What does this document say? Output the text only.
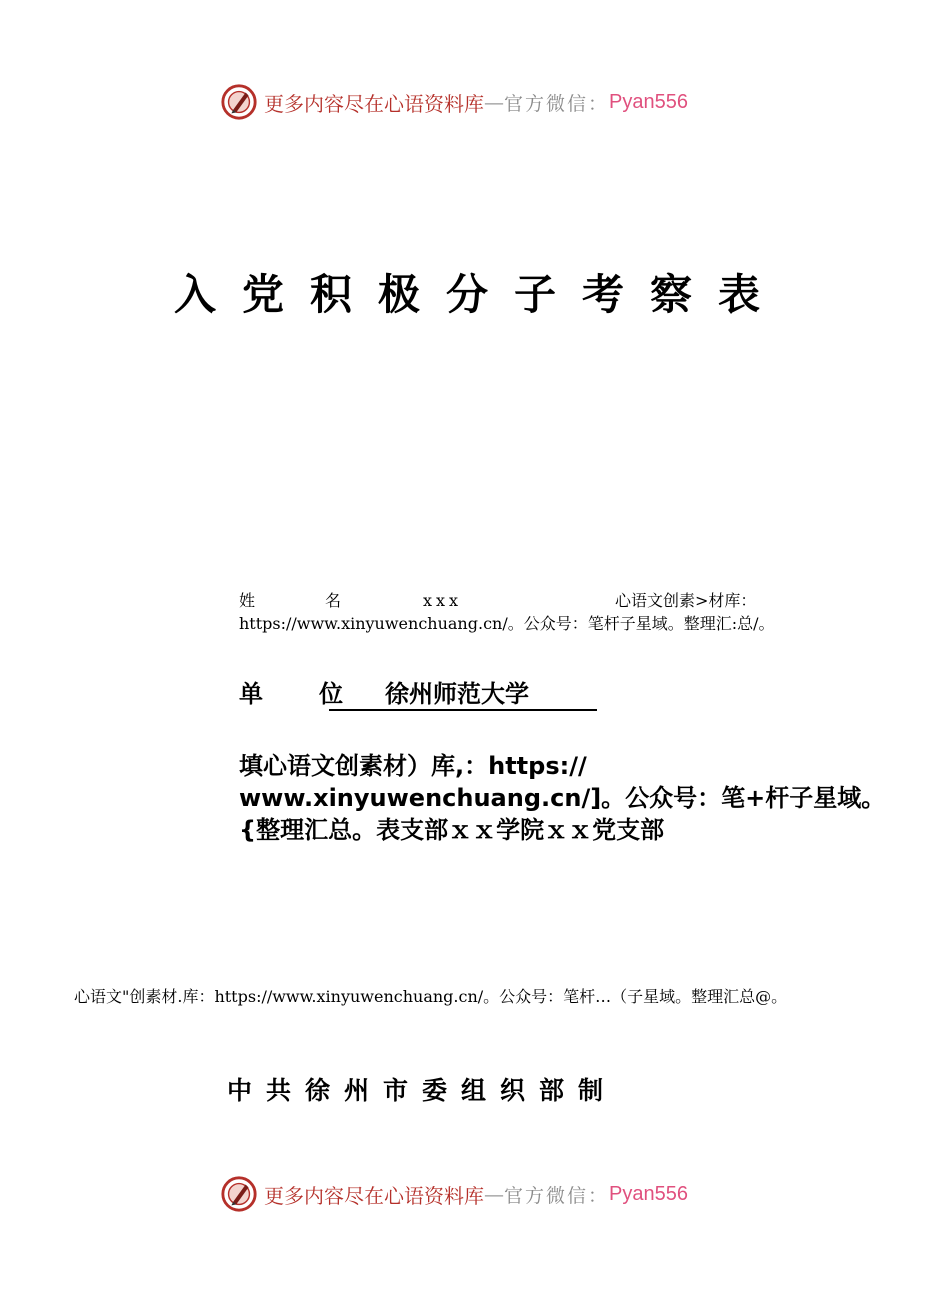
更多内容尽在心语资料库 — 官方微信： Pyan556
入党积极分子考察表
姓名 xxx	心语文创素>材库：
https://www.xinyuwenchuang.cn/。公众号：笔杆子星域。整理汇:总/。
单位徐州师范大学
填心语文创素材）库,：https://
www.xinyuwenchuang.cn/]。公众号：笔+杆子星域。
{整理汇总。表支部ｘｘ学院ｘｘ党支部
心语文"创素材.库：https://www.xinyuwenchuang.cn/。公众号：笔杆…（子星域。整理汇总@。
中共徐州市委组织部制
更多内容尽在心语资料库 — 官方微信： Pyan556
